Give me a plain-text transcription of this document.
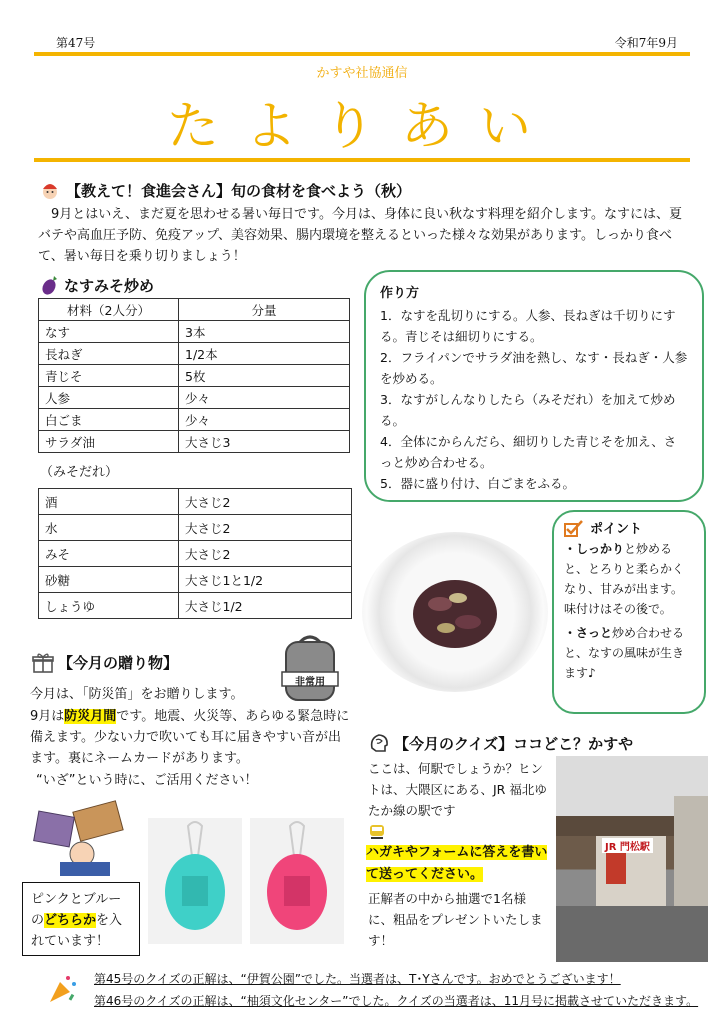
第47号	令和7年9月
かすや社協通信
たよりあい
【教えて！食進会さん】旬の食材を食べよう（秋）
9月とはいえ、まだ夏を思わせる暑い毎日です。今月は、身体に良い秋なす料理を紹介します。なすには、夏バテや高血圧予防、免疫アップ、美容効果、腸内環境を整えるといった様々な効果があります。しっかり食べて、暑い毎日を乗り切りましょう！
なすみそ炒め
材料（2人分）	分量
なす	3本
長ねぎ	1/2本
青じそ	5枚
人参	少々
白ごま	少々
サラダ油	大さじ3
（みそだれ）
酒	大さじ2
水	大さじ2
みそ	大さじ2
砂糖	大さじ1と1/2
しょうゆ	大さじ1/2
作り方
1．なすを乱切りにする。人参、長ねぎは千切りにする。青じそは細切りにする。
2．フライパンでサラダ油を熱し、なす・長ねぎ・人参を炒める。
3．なすがしんなりしたら（みそだれ）を加えて炒める。
4．全体にからんだら、細切りした青じそを加え、さっと炒め合わせる。
5．器に盛り付け、白ごまをふる。
ポイント
・しっかりと炒めると、とろりと柔らかくなり、甘みが出ます。味付けはその後で。
・さっと炒め合わせると、なすの風味が生きます♪
【今月の贈り物】
非常用
今月は、「防災笛」をお贈りします。
9月は防災月間です。地震、火災等、あらゆる緊急時に備えます。少ない力で吹いても耳に届きやすい音が出ます。裏にネームカードがあります。
“いざ”という時に、ご活用ください！
ピンクとブルーのどちらかを入れています！
【今月のクイズ】ココどこ？かすや
ここは、何駅でしょうか？ヒントは、大隈区にある、JR 福北ゆたか線の駅です
ハガキやフォームに答えを書いて送ってください。
正解者の中から抽選で1名様に、粗品をプレゼントいたします！
JR 門松駅
第45号のクイズの正解は、“伊賀公園”でした。当選者は、T･Yさんです。おめでとうございます！
第46号のクイズの正解は、“柚須文化センター”でした。クイズの当選者は、11月号に掲載させていただきます。
